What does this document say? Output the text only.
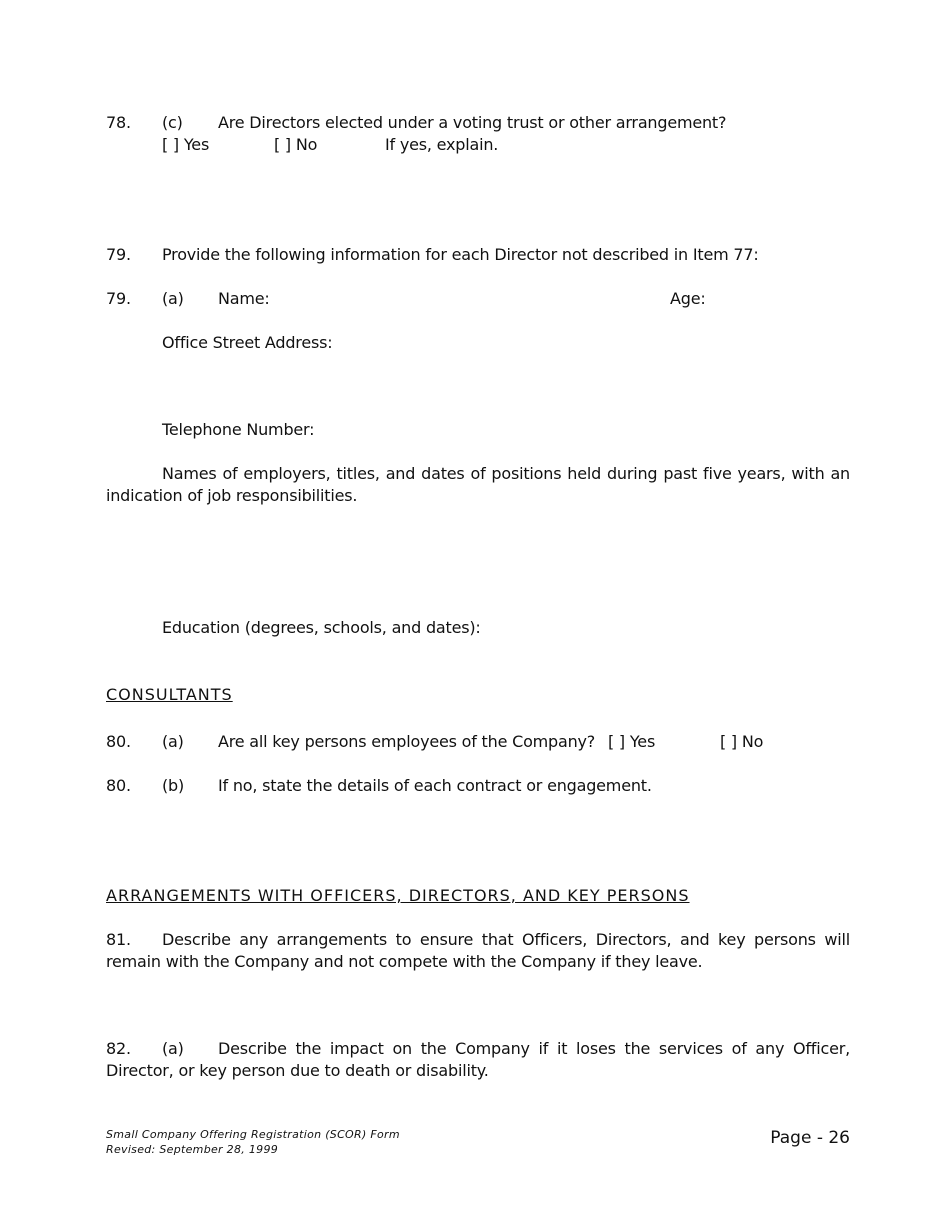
78. (c) Are Directors elected under a voting trust or other arrangement?
[ ] Yes	[ ] No	If yes, explain.
79. Provide the following information for each Director not described in Item 77:
79. (a) Name:	Age:
Office Street Address:
Telephone Number:
Names of employers, titles, and dates of positions held during past five years, with an indication of job responsibilities.
Education (degrees, schools, and dates):
CONSULTANTS
80. (a) Are all key persons employees of the Company? [ ] Yes	[ ] No
80. (b) If no, state the details of each contract or engagement.
ARRANGEMENTS WITH OFFICERS, DIRECTORS, AND KEY PERSONS
81. Describe any arrangements to ensure that Officers, Directors, and key persons will remain with the Company and not compete with the Company if they leave.
82. (a) Describe the impact on the Company if it loses the services of any Officer, Director, or key person due to death or disability.
Small Company Offering Registration (SCOR) Form
Revised: September 28, 1999
Page - 26
